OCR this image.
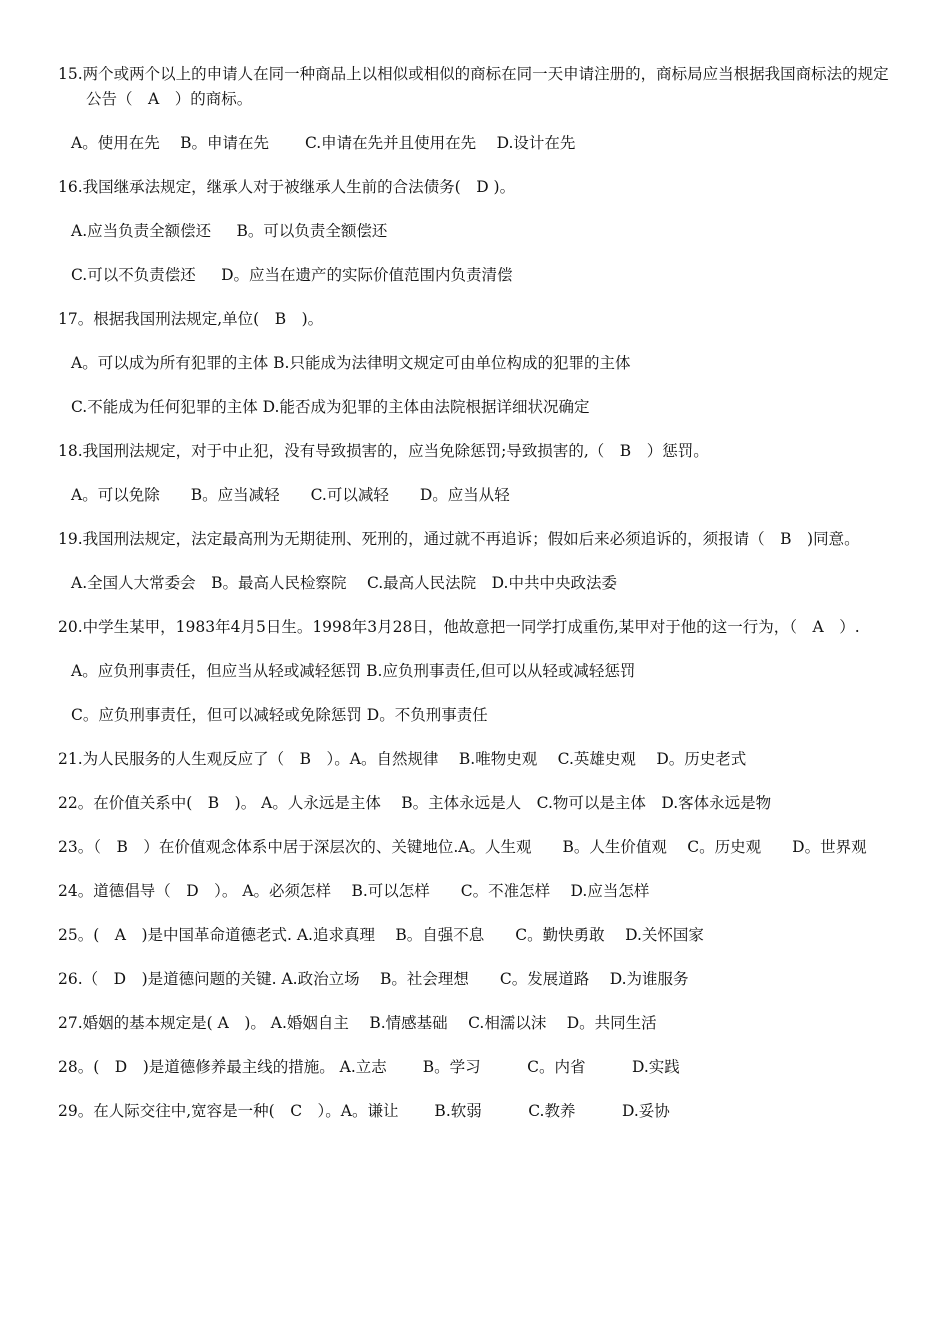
15.两个或两个以上的申请人在同一种商品上以相似或相似的商标在同一天申请注册的，商标局应当根据我国商标法的规定公告（　A　）的商标。
A。使用在先　 B。申请在先　　 C.申请在先并且使用在先　 D.设计在先
16.我国继承法规定，继承人对于被继承人生前的合法债务(　D )。
A.应当负责全额偿还　  B。可以负责全额偿还
C.可以不负责偿还　  D。应当在遗产的实际价值范围内负责清偿
17。根据我国刑法规定,单位(　B　)。
A。可以成为所有犯罪的主体 B.只能成为法律明文规定可由单位构成的犯罪的主体
C.不能成为任何犯罪的主体 D.能否成为犯罪的主体由法院根据详细状况确定
18.我国刑法规定，对于中止犯，没有导致损害的，应当免除惩罚;导致损害的,（　B　）惩罚。
A。可以免除　　B。应当减轻　　C.可以减轻　　D。应当从轻
19.我国刑法规定，法定最高刑为无期徒刑、死刑的，通过就不再追诉；假如后来必须追诉的，须报请（　B　)同意。
A.全国人大常委会　B。最高人民检察院　 C.最高人民法院　D.中共中央政法委
20.中学生某甲，1983年4月5日生。1998年3月28日，他故意把一同学打成重伤,某甲对于他的这一行为，（　A　）.
A。应负刑事责任，但应当从轻或减轻惩罚 B.应负刑事责任,但可以从轻或减轻惩罚
C。应负刑事责任，但可以减轻或免除惩罚 D。不负刑事责任
21.为人民服务的人生观反应了（　B　）。A。自然规律　 B.唯物史观　 C.英雄史观　 D。历史老式
22。在价值关系中(　B　)。 A。人永远是主体　 B。主体永远是人　C.物可以是主体　D.客体永远是物
23。（　B　）在价值观念体系中居于深层次的、关键地位.A。人生观　　B。人生价值观　 C。历史观　　D。世界观
24。道德倡导（　D　）。 A。必须怎样　 B.可以怎样　　C。不准怎样　 D.应当怎样
25。(　A　)是中国革命道德老式. A.追求真理　 B。自强不息　　C。勤快勇敢　 D.关怀国家
26.（　D　)是道德问题的关键. A.政治立场　 B。社会理想　　C。发展道路　 D.为谁服务
27.婚姻的基本规定是( A　)。 A.婚姻自主　 B.情感基础　 C.相濡以沫　 D。共同生活
28。(　D　)是道德修养最主线的措施。 A.立志　　 B。学习　　　C。内省　　　D.实践
29。在人际交往中,宽容是一种(　C　）。A。谦让　　 B.软弱　　　C.教养　　　D.妥协
